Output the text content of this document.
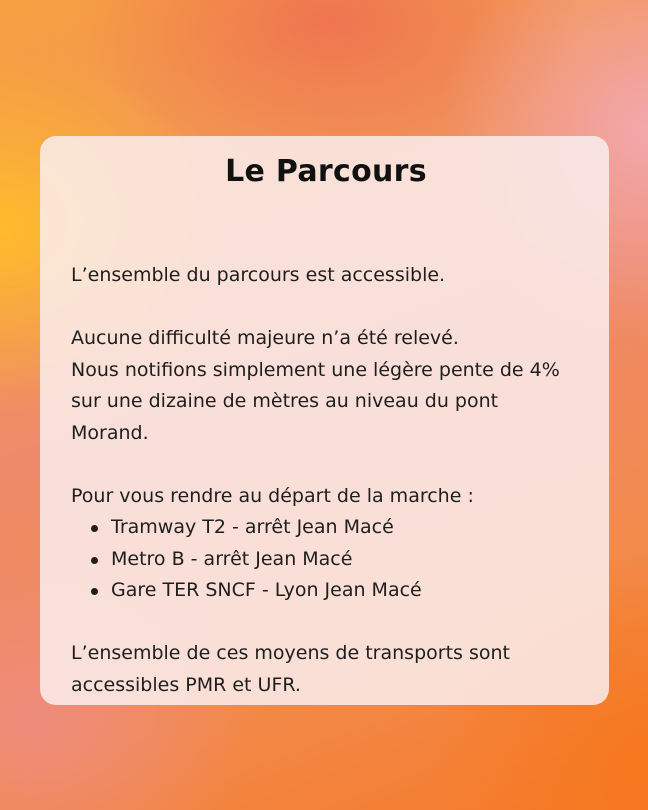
Le Parcours

L’ensemble du parcours est accessible.

Aucune difficulté majeure n’a été relevé.
Nous notifions simplement une légère pente de 4%
sur une dizaine de mètres au niveau du pont
Morand.

Pour vous rendre au départ de la marche :

Tramway T2 - arrêt Jean Macé
Metro B - arrêt Jean Macé
Gare TER SNCF - Lyon Jean Macé
L’ensemble de ces moyens de transports sont
accessibles PMR et UFR.
